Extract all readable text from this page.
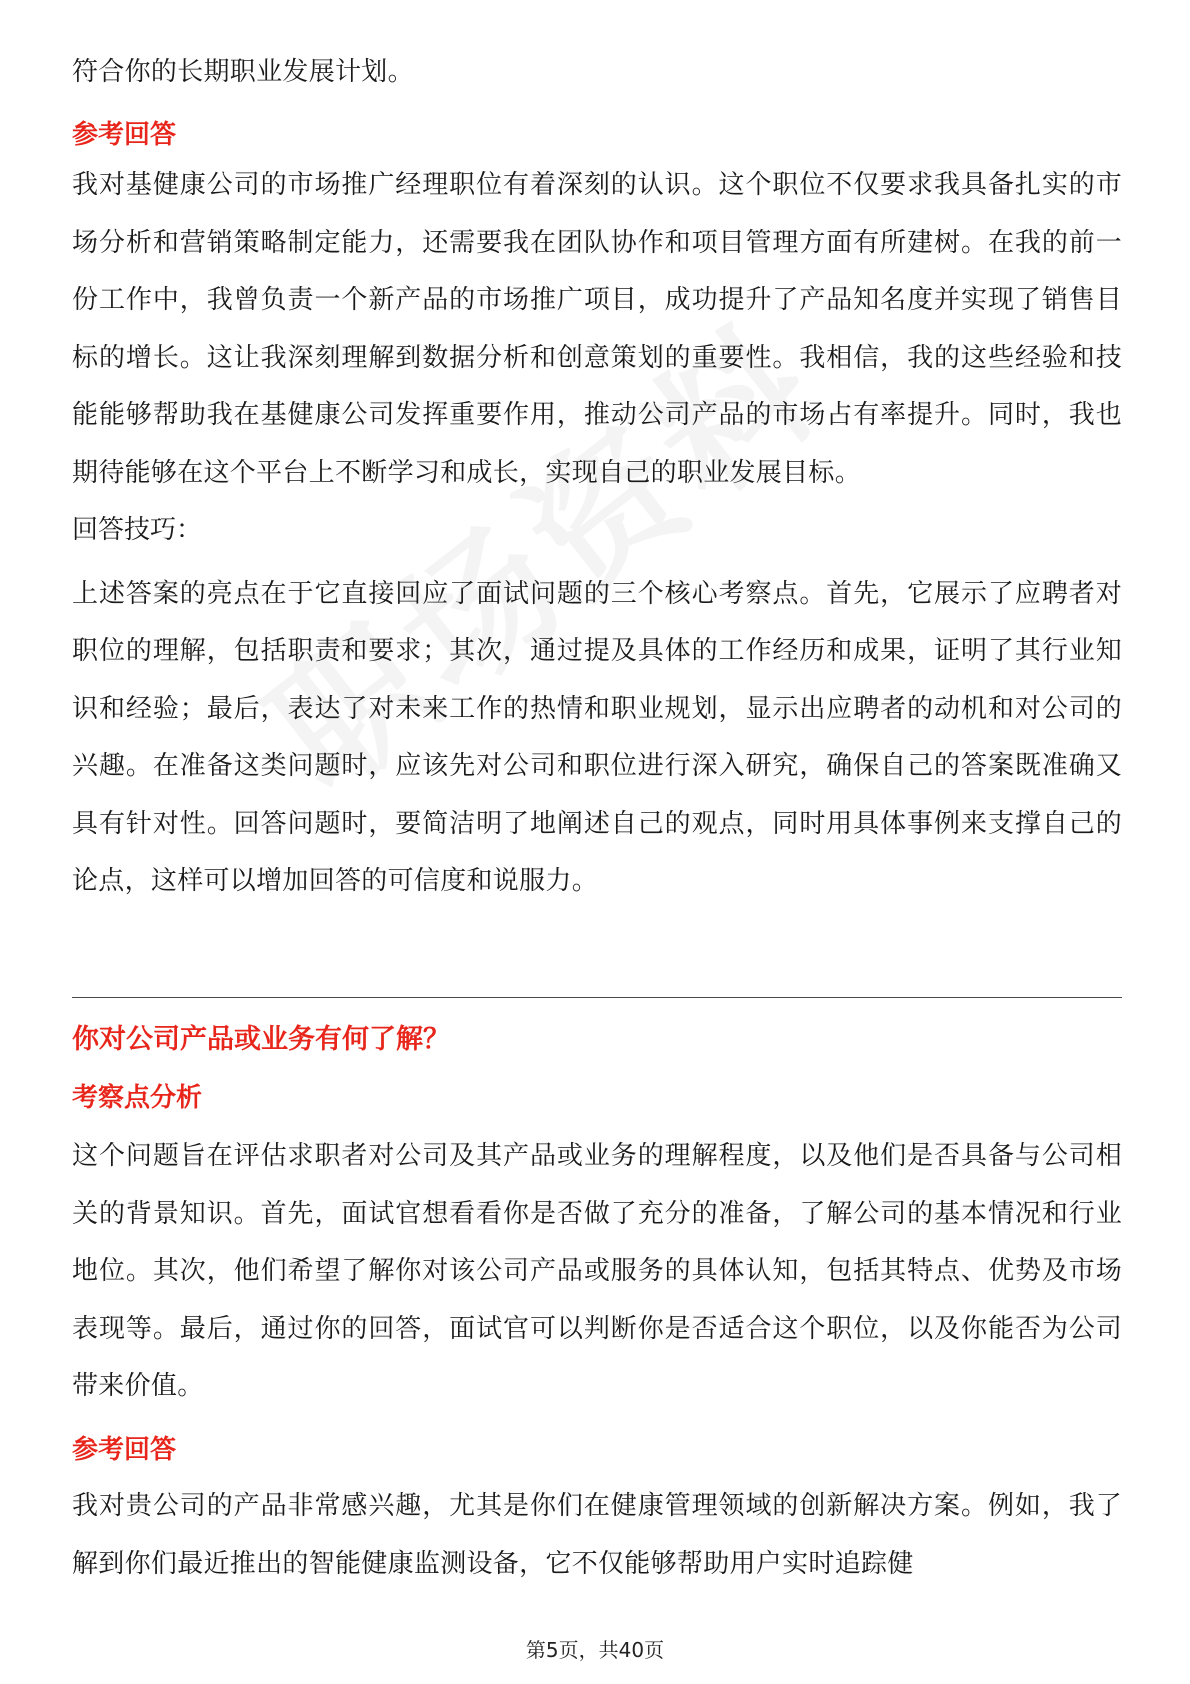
符合你的长期职业发展计划。

参考回答

我对基健康公司的市场推广经理职位有着深刻的认识。这个职位不仅要求我具备扎实的市场分析和营销策略制定能力，还需要我在团队协作和项目管理方面有所建树。在我的前一份工作中，我曾负责一个新产品的市场推广项目，成功提升了产品知名度并实现了销售目标的增长。这让我深刻理解到数据分析和创意策划的重要性。我相信，我的这些经验和技能能够帮助我在基健康公司发挥重要作用，推动公司产品的市场占有率提升。同时，我也期待能够在这个平台上不断学习和成长，实现自己的职业发展目标。

回答技巧：

上述答案的亮点在于它直接回应了面试问题的三个核心考察点。首先，它展示了应聘者对职位的理解，包括职责和要求；其次，通过提及具体的工作经历和成果，证明了其行业知识和经验；最后，表达了对未来工作的热情和职业规划，显示出应聘者的动机和对公司的兴趣。在准备这类问题时，应该先对公司和职位进行深入研究，确保自己的答案既准确又具有针对性。回答问题时，要简洁明了地阐述自己的观点，同时用具体事例来支撑自己的论点，这样可以增加回答的可信度和说服力。

你对公司产品或业务有何了解？

考察点分析

这个问题旨在评估求职者对公司及其产品或业务的理解程度，以及他们是否具备与公司相关的背景知识。首先，面试官想看看你是否做了充分的准备，了解公司的基本情况和行业地位。其次，他们希望了解你对该公司产品或服务的具体认知，包括其特点、优势及市场表现等。最后，通过你的回答，面试官可以判断你是否适合这个职位，以及你能否为公司带来价值。

参考回答

我对贵公司的产品非常感兴趣，尤其是你们在健康管理领域的创新解决方案。例如，我了解到你们最近推出的智能健康监测设备，它不仅能够帮助用户实时追踪健

第5页，共40页
